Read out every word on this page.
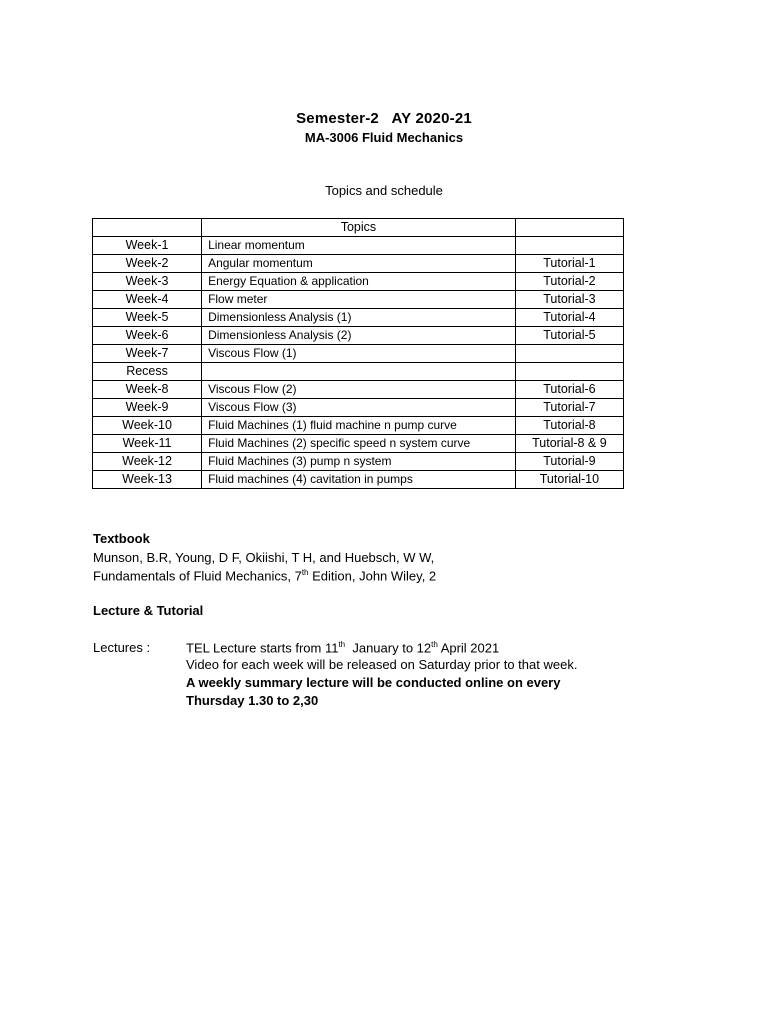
Semester-2   AY 2020-21
MA-3006 Fluid Mechanics
Topics and schedule
	Topics	
Week-1	Linear momentum	
Week-2	Angular momentum	Tutorial-1
Week-3	Energy Equation & application	Tutorial-2
Week-4	Flow meter	Tutorial-3
Week-5	Dimensionless Analysis (1)	Tutorial-4
Week-6	Dimensionless Analysis (2)	Tutorial-5
Week-7	Viscous Flow (1)	
Recess		
Week-8	Viscous Flow (2)	Tutorial-6
Week-9	Viscous Flow (3)	Tutorial-7
Week-10	Fluid Machines (1) fluid machine n pump curve	Tutorial-8
Week-11	Fluid Machines (2) specific speed n system curve	Tutorial-8 & 9
Week-12	Fluid Machines (3) pump n system	Tutorial-9
Week-13	Fluid machines (4) cavitation in pumps	Tutorial-10
Textbook
Munson, B.R, Young, D F, Okiishi, T H, and Huebsch, W W,
Fundamentals of Fluid Mechanics, 7th Edition, John Wiley, 2
Lecture & Tutorial
Lectures :	TEL Lecture starts from 11th  January to 12th April 2021
Video for each week will be released on Saturday prior to that week.
A weekly summary lecture will be conducted online on every
Thursday 1.30 to 2,30
